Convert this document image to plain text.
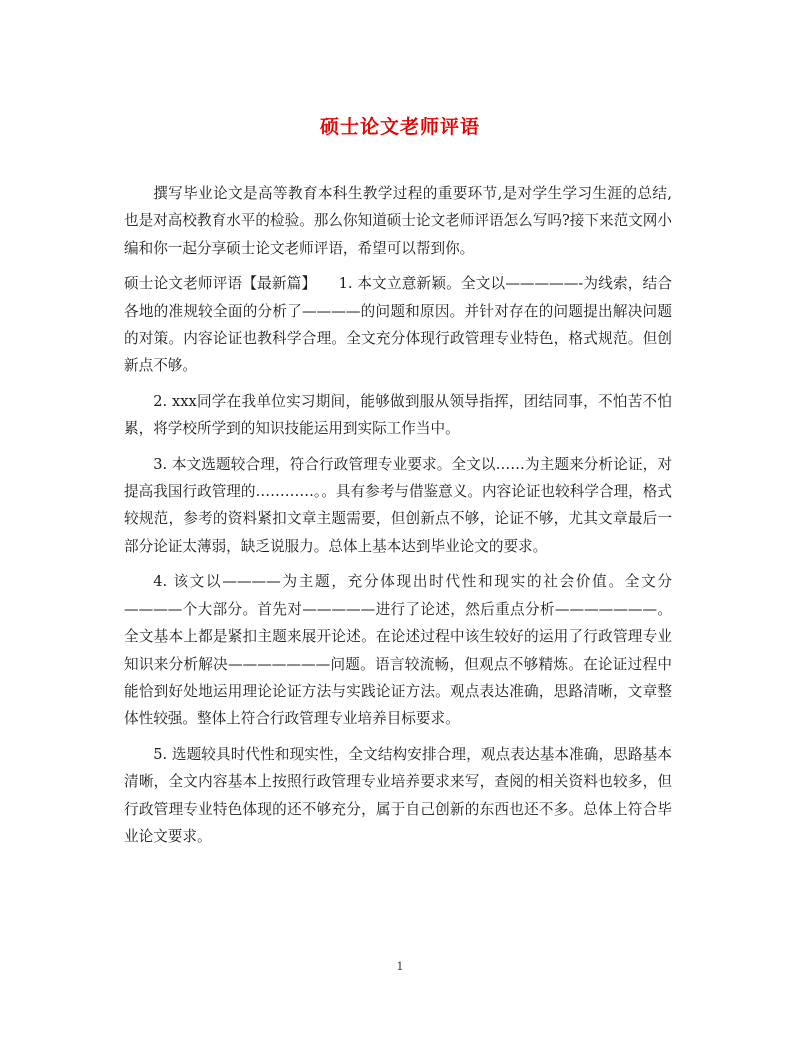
硕士论文老师评语

撰写毕业论文是高等教育本科生教学过程的重要环节,是对学生学习生涯的总结,也是对高校教育水平的检验。那么你知道硕士论文老师评语怎么写吗?接下来范文网小编和你一起分享硕士论文老师评语，希望可以帮到你。

硕士论文老师评语【最新篇】　　1. 本文立意新颖。全文以—————-为线索，结合各地的准规较全面的分析了————的问题和原因。并针对存在的问题提出解决问题的对策。内容论证也教科学合理。全文充分体现行政管理专业特色，格式规范。但创新点不够。

2. xxx同学在我单位实习期间，能够做到服从领导指挥，团结同事，不怕苦不怕累，将学校所学到的知识技能运用到实际工作当中。

3. 本文选题较合理，符合行政管理专业要求。全文以……为主题来分析论证，对提高我国行政管理的…………。。具有参考与借鉴意义。内容论证也较科学合理，格式较规范，参考的资料紧扣文章主题需要，但创新点不够，论证不够，尤其文章最后一部分论证太薄弱，缺乏说服力。总体上基本达到毕业论文的要求。

4. 该文以————为主题，充分体现出时代性和现实的社会价值。全文分————个大部分。首先对—————进行了论述，然后重点分析———————。全文基本上都是紧扣主题来展开论述。在论述过程中该生较好的运用了行政管理专业知识来分析解决———————问题。语言较流畅，但观点不够精炼。在论证过程中能恰到好处地运用理论论证方法与实践论证方法。观点表达准确，思路清晰，文章整体性较强。整体上符合行政管理专业培养目标要求。

5. 选题较具时代性和现实性，全文结构安排合理，观点表达基本准确，思路基本清晰，全文内容基本上按照行政管理专业培养要求来写，查阅的相关资料也较多，但行政管理专业特色体现的还不够充分，属于自己创新的东西也还不多。总体上符合毕业论文要求。

1
